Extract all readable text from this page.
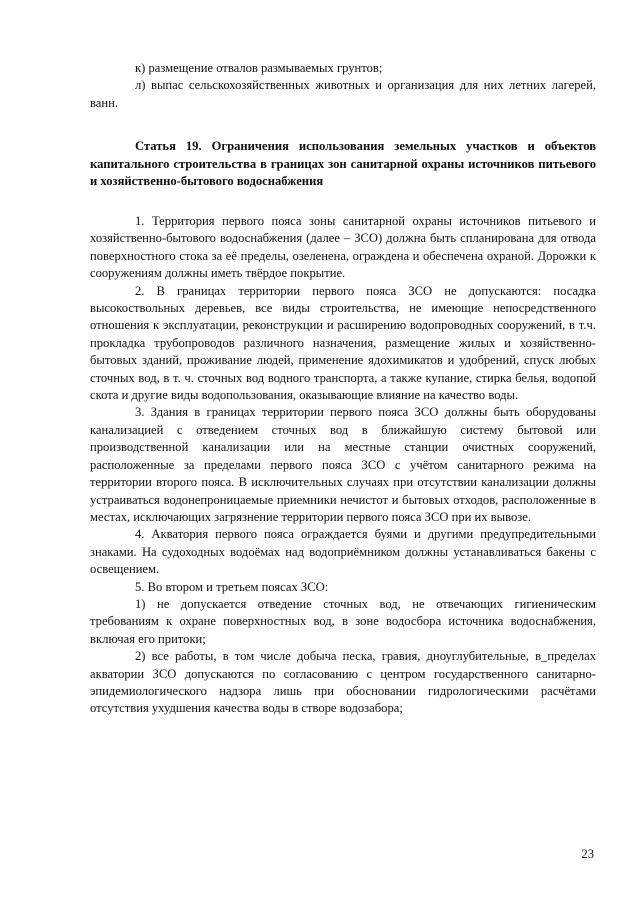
к) размещение отвалов размываемых грунтов;

л) выпас сельскохозяйственных животных и организация для них летних лагерей, ванн.

Статья 19. Ограничения использования земельных участков и объектов капитального строительства в границах зон санитарной охраны источников питьевого и хозяйственно-бытового водоснабжения

1. Территория первого пояса зоны санитарной охраны источников питьевого и хозяйственно-бытового водоснабжения (далее – ЗСО) должна быть спланирована для отвода поверхностного стока за её пределы, озеленена, ограждена и обеспечена охраной. Дорожки к сооружениям должны иметь твёрдое покрытие.

2. В границах территории первого пояса ЗСО не допускаются: посадка высокоствольных деревьев, все виды строительства, не имеющие непосредственного отношения к эксплуатации, реконструкции и расширению водопроводных сооружений, в т.ч. прокладка трубопроводов различного назначения, размещение жилых и хозяйственно-бытовых зданий, проживание людей, применение ядохимикатов и удобрений, спуск любых сточных вод, в т. ч. сточных вод водного транспорта, а также купание, стирка белья, водопой скота и другие виды водопользования, оказывающие влияние на качество воды.

3. Здания в границах территории первого пояса ЗСО должны быть оборудованы канализацией с отведением сточных вод в ближайшую систему бытовой или производственной канализации или на местные станции очистных сооружений, расположенные за пределами первого пояса ЗСО с учётом санитарного режима на территории второго пояса. В исключительных случаях при отсутствии канализации должны устраиваться водонепроницаемые приемники нечистот и бытовых отходов, расположенные в местах, исключающих загрязнение территории первого пояса ЗСО при их вывозе.

4. Акватория первого пояса ограждается буями и другими предупредительными знаками. На судоходных водоёмах над водоприёмником должны устанавливаться бакены с освещением.

5. Во втором и третьем поясах ЗСО:

1) не допускается отведение сточных вод, не отвечающих гигиеническим требованиям к охране поверхностных вод, в зоне водосбора источника водоснабжения, включая его притоки;

2) все работы, в том числе добыча песка, гравия, дноуглубительные, в_пределах акватории ЗСО допускаются по согласованию с центром государственного санитарно-эпидемиологического надзора лишь при обосновании гидрологическими расчётами отсутствия ухудшения качества воды в створе водозабора;

23
